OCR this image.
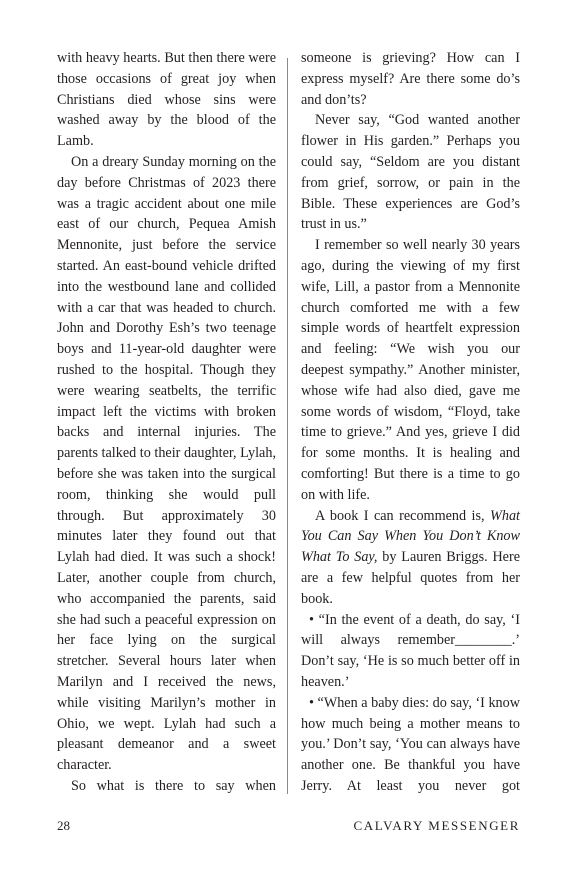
with heavy hearts. But then there were those occasions of great joy when Christians died whose sins were washed away by the blood of the Lamb.

On a dreary Sunday morning on the day before Christmas of 2023 there was a tragic accident about one mile east of our church, Pequea Amish Mennonite, just before the service started. An east-bound vehicle drifted into the westbound lane and collided with a car that was headed to church. John and Dorothy Esh’s two teenage boys and 11-year-old daughter were rushed to the hospital. Though they were wearing seatbelts, the terrific impact left the victims with broken backs and internal injuries. The parents talked to their daughter, Lylah, before she was taken into the surgical room, thinking she would pull through. But approximately 30 minutes later they found out that Lylah had died. It was such a shock! Later, another couple from church, who accompanied the parents, said she had such a peaceful expression on her face lying on the surgical stretcher. Several hours later when Marilyn and I received the news, while visiting Marilyn’s mother in Ohio, we wept. Lylah had such a pleasant demeanor and a sweet character.

So what is there to say when

someone is grieving? How can I express myself? Are there some do’s and don’ts?

Never say, “God wanted another flower in His garden.” Perhaps you could say, “Seldom are you distant from grief, sorrow, or pain in the Bible. These experiences are God’s trust in us.”

I remember so well nearly 30 years ago, during the viewing of my first wife, Lill, a pastor from a Mennonite church comforted me with a few simple words of heartfelt expression and feeling: “We wish you our deepest sympathy.” Another minister, whose wife had also died, gave me some words of wisdom, “Floyd, take time to grieve.” And yes, grieve I did for some months. It is healing and comforting! But there is a time to go on with life.

A book I can recommend is, What You Can Say When You Don’t Know What To Say, by Lauren Briggs. Here are a few helpful quotes from her book.

• “In the event of a death, do say, ‘I will always remember________.’ Don’t say, ‘He is so much better off in heaven.’

• “When a baby dies: do say, ‘I know how much being a mother means to you.’ Don’t say, ‘You can always have another one. Be thankful you have Jerry. At least you never got

28	CALVARY MESSENGER
